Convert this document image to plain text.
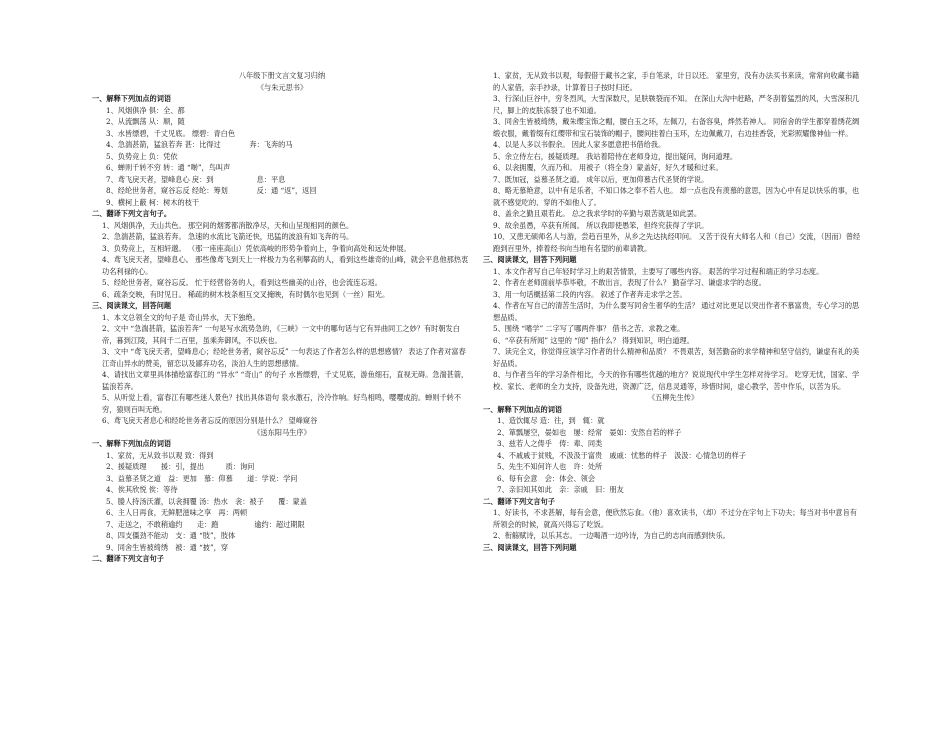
八年级下册文言文复习归纳
《与朱元思书》
一、解释下列加点的词语
1、风烟俱净 俱：全、都
2、从流飘荡 从：顺，随
3、水皆缥碧，千丈见底。 缥碧：青白色
4、急湍甚箭，猛浪若奔 甚：比得过　　　　奔：飞奔的马
5、负势竞上 负：凭依
6、蝉则千转不穷 转：通 “啭”，鸟叫声
7、鸢飞戾天者，望峰息心 戾：到　　　　　　息：平息
8、经纶世务者，窥谷忘反 经纶：筹划　　　　反：通 “返”，返回
9、横柯上蔽 柯：树木的枝干
二、翻译下列文言句子。
1、风烟俱净，天山共色。 那空间的烟雾都消散净尽，天和山呈现相同的颜色。
2、急湍甚箭，猛浪若奔。 急速的水流比飞箭还快，迅猛的波浪有如飞奔的马。
3、负势竞上，互相轩邈。 （那一座座高山）凭依高峻的形势争着向上，争着向高处和远处伸展。
4、鸢飞戾天者，望峰息心。 那些像鸢飞到天上一样极力为名利攀高的人，看到这些雄奇的山峰，就会平息他那热衷功名利禄的心。
5、经纶世务者，窥谷忘反。 忙于经营俗务的人，看到这些幽美的山谷，也会流连忘返。
6、疏条交映，有时见日。 稀疏的树木枝条相互交叉掩映，有时偶尔也见到（一丝）阳光。
三、阅读课文，回答问题
1、本文总领全文的句子是 奇山异水，天下独绝。
2、文中 “急湍甚箭，猛浪若奔” 一句是写水流势急的，《三峡》一文中的哪句话与它有异曲同工之妙？有时朝发白帝，暮到江陵，其间千二百里，虽乘奔御风，不以疾也。
3、文中 “鸢飞戾天者，望峰息心；经纶世务者，窥谷忘反” 一句表达了作者怎么样的思想感情？ 表达了作者对富春江奇山异水的赞美，留恋以及鄙弃功名，淡泊人生的思想感情。
4、请找出文章里具体描绘富春江的 “异水” “奇山” 的句子 水皆缥碧，千丈见底，游鱼细石，直视无碍。急湍甚箭，猛浪若奔。
5、从听觉上看，富春江有哪些迷人景色？找出具体语句 泉水激石，泠泠作响。好鸟相鸣，嘤嘤成韵。蝉则千转不穷，猿则百叫无绝。
6、鸢飞戾天者息心和经纶世务者忘反的原因分别是什么？ 望峰窥谷
《送东阳马生序》
一、解释下列加点的词语
1、家贫，无从致书以观 致：得到
2、援疑质理　　援：引，提出　　　质：询问
3、益慕圣贤之道　益：更加　慕：仰慕　　道：学说：学问
4、俟其欣悦 俟：等待
5、媵人持汤沃灌，以衾拥覆 汤：热水　衾：被子　　覆：蒙盖
6、主人日再食，无鲜肥滋味之享　再：两顿
7、走送之，不敢稍逾约　　走：跑　　　　　逾约：超过期限
8、四支僵劲不能动　支：通 “肢”，肢体
9、同舍生皆被绮绣　被：通 “披”，穿
二、翻译下列文言句子
1、家贫，无从致书以观，每假借于藏书之家，手自笔录，计日以还。 家里穷，没有办法买书来读，常常向收藏书籍的人家借，亲手抄录，计算着日子按时归还。
3、行深山巨谷中，穷冬烈风，大雪深数尺，足肤皲裂而不知。 在深山大沟中赶路，严冬刮着猛烈的风，大雪深积几尺，脚上的皮肤冻裂了也不知道。
3、同舍生皆被绮绣，戴朱缨宝饰之帽，腰白玉之环，左佩刀，右备容臭，烨然若神人。 同宿舍的学生都穿着绣花绸缎衣服，戴着缀有红缨带和宝石装饰的帽子，腰间挂着白玉环，左边佩戴刀，右边挂香袋，光彩照耀像神仙一样。
4、以是人多以书假余。 因此人家多愿意把书借给我。
5、余立侍左右，援疑质理。 我站着陪侍在老师身边，提出疑问，询问道理。
6、以衾拥覆，久而乃和。 用被子（将全身）蒙盖好，好久才暖和过来。
7、既加冠，益慕圣贤之道。 成年以后，更加仰慕古代圣贤的学说。
8、略无慕艳意，以中有足乐者，不知口体之奉不若人也。 却一点也没有羡慕的意思，因为心中有足以快乐的事，也就不感觉吃的、穿的不如他人了。
8、盖余之勤且艰若此。 总之我求学时的辛勤与艰苦就是如此罢。
9、故余虽愚，卒获有所闻。 所以我即使愚笨，但终究获得了学识。
10、又患无硕师名人与游，尝趋百里外，从乡之先达执经叩问。 又苦于没有大师名人和（自己）交流，（因而）曾经跑到百里外，捧着经书向当地有名望的前辈请教。
三、阅读课文，回答下列问题
1、本文作者写自己年轻时学习上的艰苦情景，主要写了哪些内容。 艰苦的学习过程和端正的学习态度。
2、作者在老师面前毕恭毕敬，不敢出言，表现了什么？ 勤奋学习、谦虚求学的态度。
3、用一句话概括第二段的内容。 叙述了作者奔走求学之苦。
4、作者在写自己的清苦生活时，为什么要写同舍生奢华的生活？ 通过对比更足以突出作者不慕富贵，专心学习的思想品质。
5、围绕 “嗜学” 二字写了哪两件事？ 借书之苦、求教之难。
6、“卒获有所闻” 这里的 “闻” 指什么？ 得到知识，明白道理。
7、读完全文，你觉得应该学习作者的什么精神和品质？ 不畏艰苦，刻苦勤奋的求学精神和坚守信约，谦虚有礼的美好品质。
8、与作者当年的学习条件相比，今天的你有哪些优越的地方？说说现代中学生怎样对待学习。 吃穿无忧，国家、学校、家长、老师的全力支持，设备先进，资源广泛，信息灵通等，珍惜时间，虚心教学，苦中作乐，以苦为乐。
《五柳先生传》
一、解释下列加点的词语
1、造饮辄尽 造：往，到　辄：就
2、箪瓢屡空，晏如也　屡：经常　晏如：安然自若的样子
3、兹若人之俦乎　俦：辈、同类
4、不戚戚于贫贱，不汲汲于富贵　戚戚：忧愁的样子　汲汲：心情急切的样子
5、先生不知何许人也　许：处所
6、每有会意　会：体会、领会
7、亲旧知其如此　亲：亲戚　旧：朋友
二、翻译下列文言句子
1、好读书，不求甚解，每有会意，便欣然忘食。（他）喜欢读书，（却）不过分在字句上下功夫；每当对书中意旨有所领会的时候，就高兴得忘了吃饭。
2、衔觞赋诗，以乐其志。 一边喝酒一边吟诗，为自己的志向而感到快乐。
三、阅读课文，回答下列问题
